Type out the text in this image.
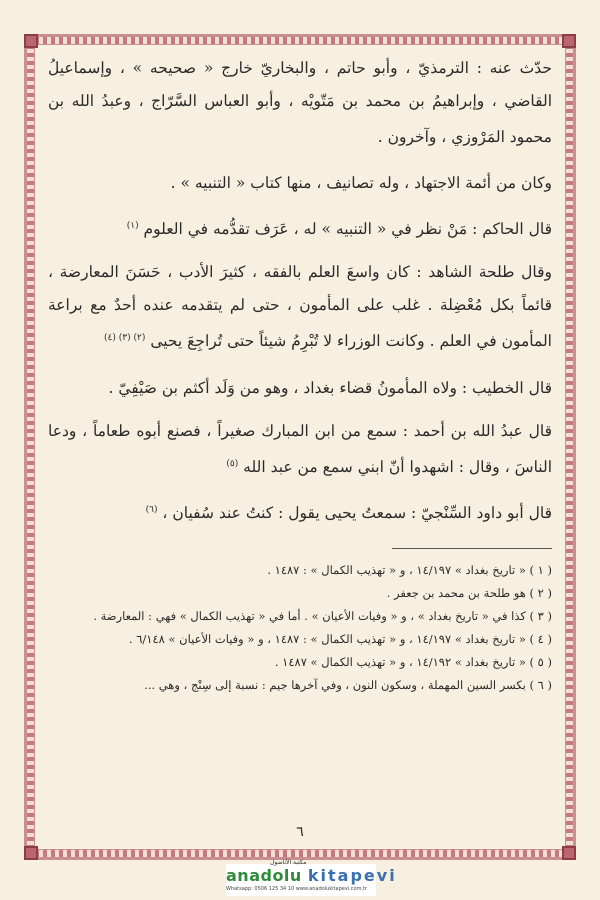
حدّث عنه : الترمذيّ ، وأبو حاتم ، والبخاريّ خارج « صحيحه » ، وإسماعيلُ القاضي ، وإبراهيمُ بن محمد بن مَتّويْه ، وأبو العباس السَّرّاج ، وعبدُ الله بن محمود المَرْوزي ، وآخرون .

وكان من أئمة الاجتهاد ، وله تصانيف ، منها كتاب « التنبيه » .

قال الحاكم : مَنْ نظر في « التنبيه » له ، عَرَف تقدُّمه في العلوم $^{(١)}$

وقال طلحة الشاهد : كان واسعَ العلم بالفقه ، كثيرَ الأدب ، حَسَنَ المعارضة ، قائماً بكل مُعْضِلة . غلب على المأمون ، حتى لم يتقدمه عنده أحدٌ مع براعة المأمون في العلم . وكانت الوزراء لا تُبْرِمُ شيئاً حتى تُراجِعَ يحيى $^{(٢) (٣) (٤)}$

قال الخطيب : ولاه المأمونُ قضاء بغداد ، وهو من وَلَد أكثم بن صَيْفِيّ .

قال عبدُ الله بن أحمد : سمع من ابن المبارك صغيراً ، فصنع أبوه طعاماً ، ودعا الناسَ ، وقال : اشهدوا أنّ ابني سمع من عبد الله $^{(٥)}$

قال أبو داود السِّنْجيّ : سمعتُ يحيى يقول : كنتُ عند سُفيان ، $^{(٦)}$

( ١ ) « تاريخ بغداد » ١٤/١٩٧ ، و « تهذيب الكمال » : ١٤٨٧ .

( ٢ ) هو طلحة بن محمد بن جعفر .

( ٣ ) كذا في « تاريخ بغداد » ، و « وفيات الأعيان » . أما في « تهذيب الكمال » فهي : المعارضة .

( ٤ ) « تاريخ بغداد » ١٤/١٩٧ ، و « تهذيب الكمال » : ١٤٨٧ ، و « وفيات الأعيان » ٦/١٤٨ .

( ٥ ) « تاريخ بغداد » ١٤/١٩٢ ، و « تهذيب الكمال » ١٤٨٧ .

( ٦ ) بكسر السين المهملة ، وسكون النون ، وفي آخرها جيم : نسبة إلى سِنْج ، وهي ...

٦
مكتبة الأناضول
anadolu kitapevi
Whatsapp: 0506 125 34 10 www.anadolukitapevi.com.tr
